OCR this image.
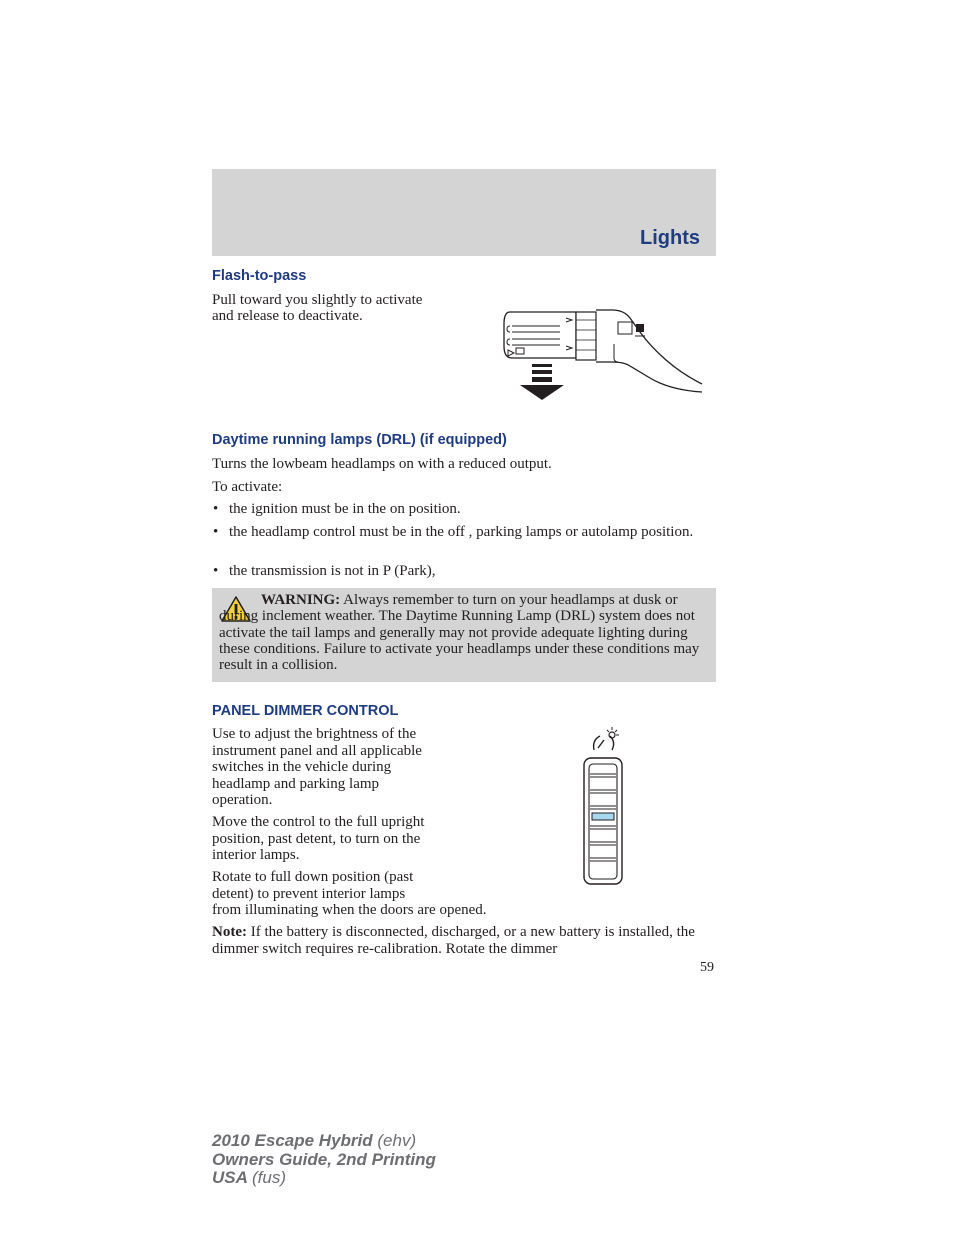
Lights
Flash-to-pass

Pull toward you slightly to activate

and release to deactivate.

Daytime running lamps (DRL) (if equipped)

Turns the lowbeam headlamps on with a reduced output.

To activate:

• the ignition must be in the on position.
• the headlamp control must be in the off , parking lamps or autolamp position.
• the transmission is not in P (Park),

WARNING: Always remember to turn on your headlamps at dusk or during inclement weather. The Daytime Running Lamp (DRL) system does not activate the tail lamps and generally may not provide adequate lighting during these conditions. Failure to activate your headlamps under these conditions may result in a collision.

PANEL DIMMER CONTROL
Use to adjust the brightness of the
instrument panel and all applicable
switches in the vehicle during
headlamp and parking lamp
operation.
Move the control to the full upright
position, past detent, to turn on the
interior lamps.
Rotate to full down position (past
detent) to prevent interior lamps
from illuminating when the doors are opened.

Note: If the battery is disconnected, discharged, or a new battery is installed, the dimmer switch requires re-calibration. Rotate the dimmer

59
2010 Escape Hybrid (ehv)
Owners Guide, 2nd Printing
USA (fus)
